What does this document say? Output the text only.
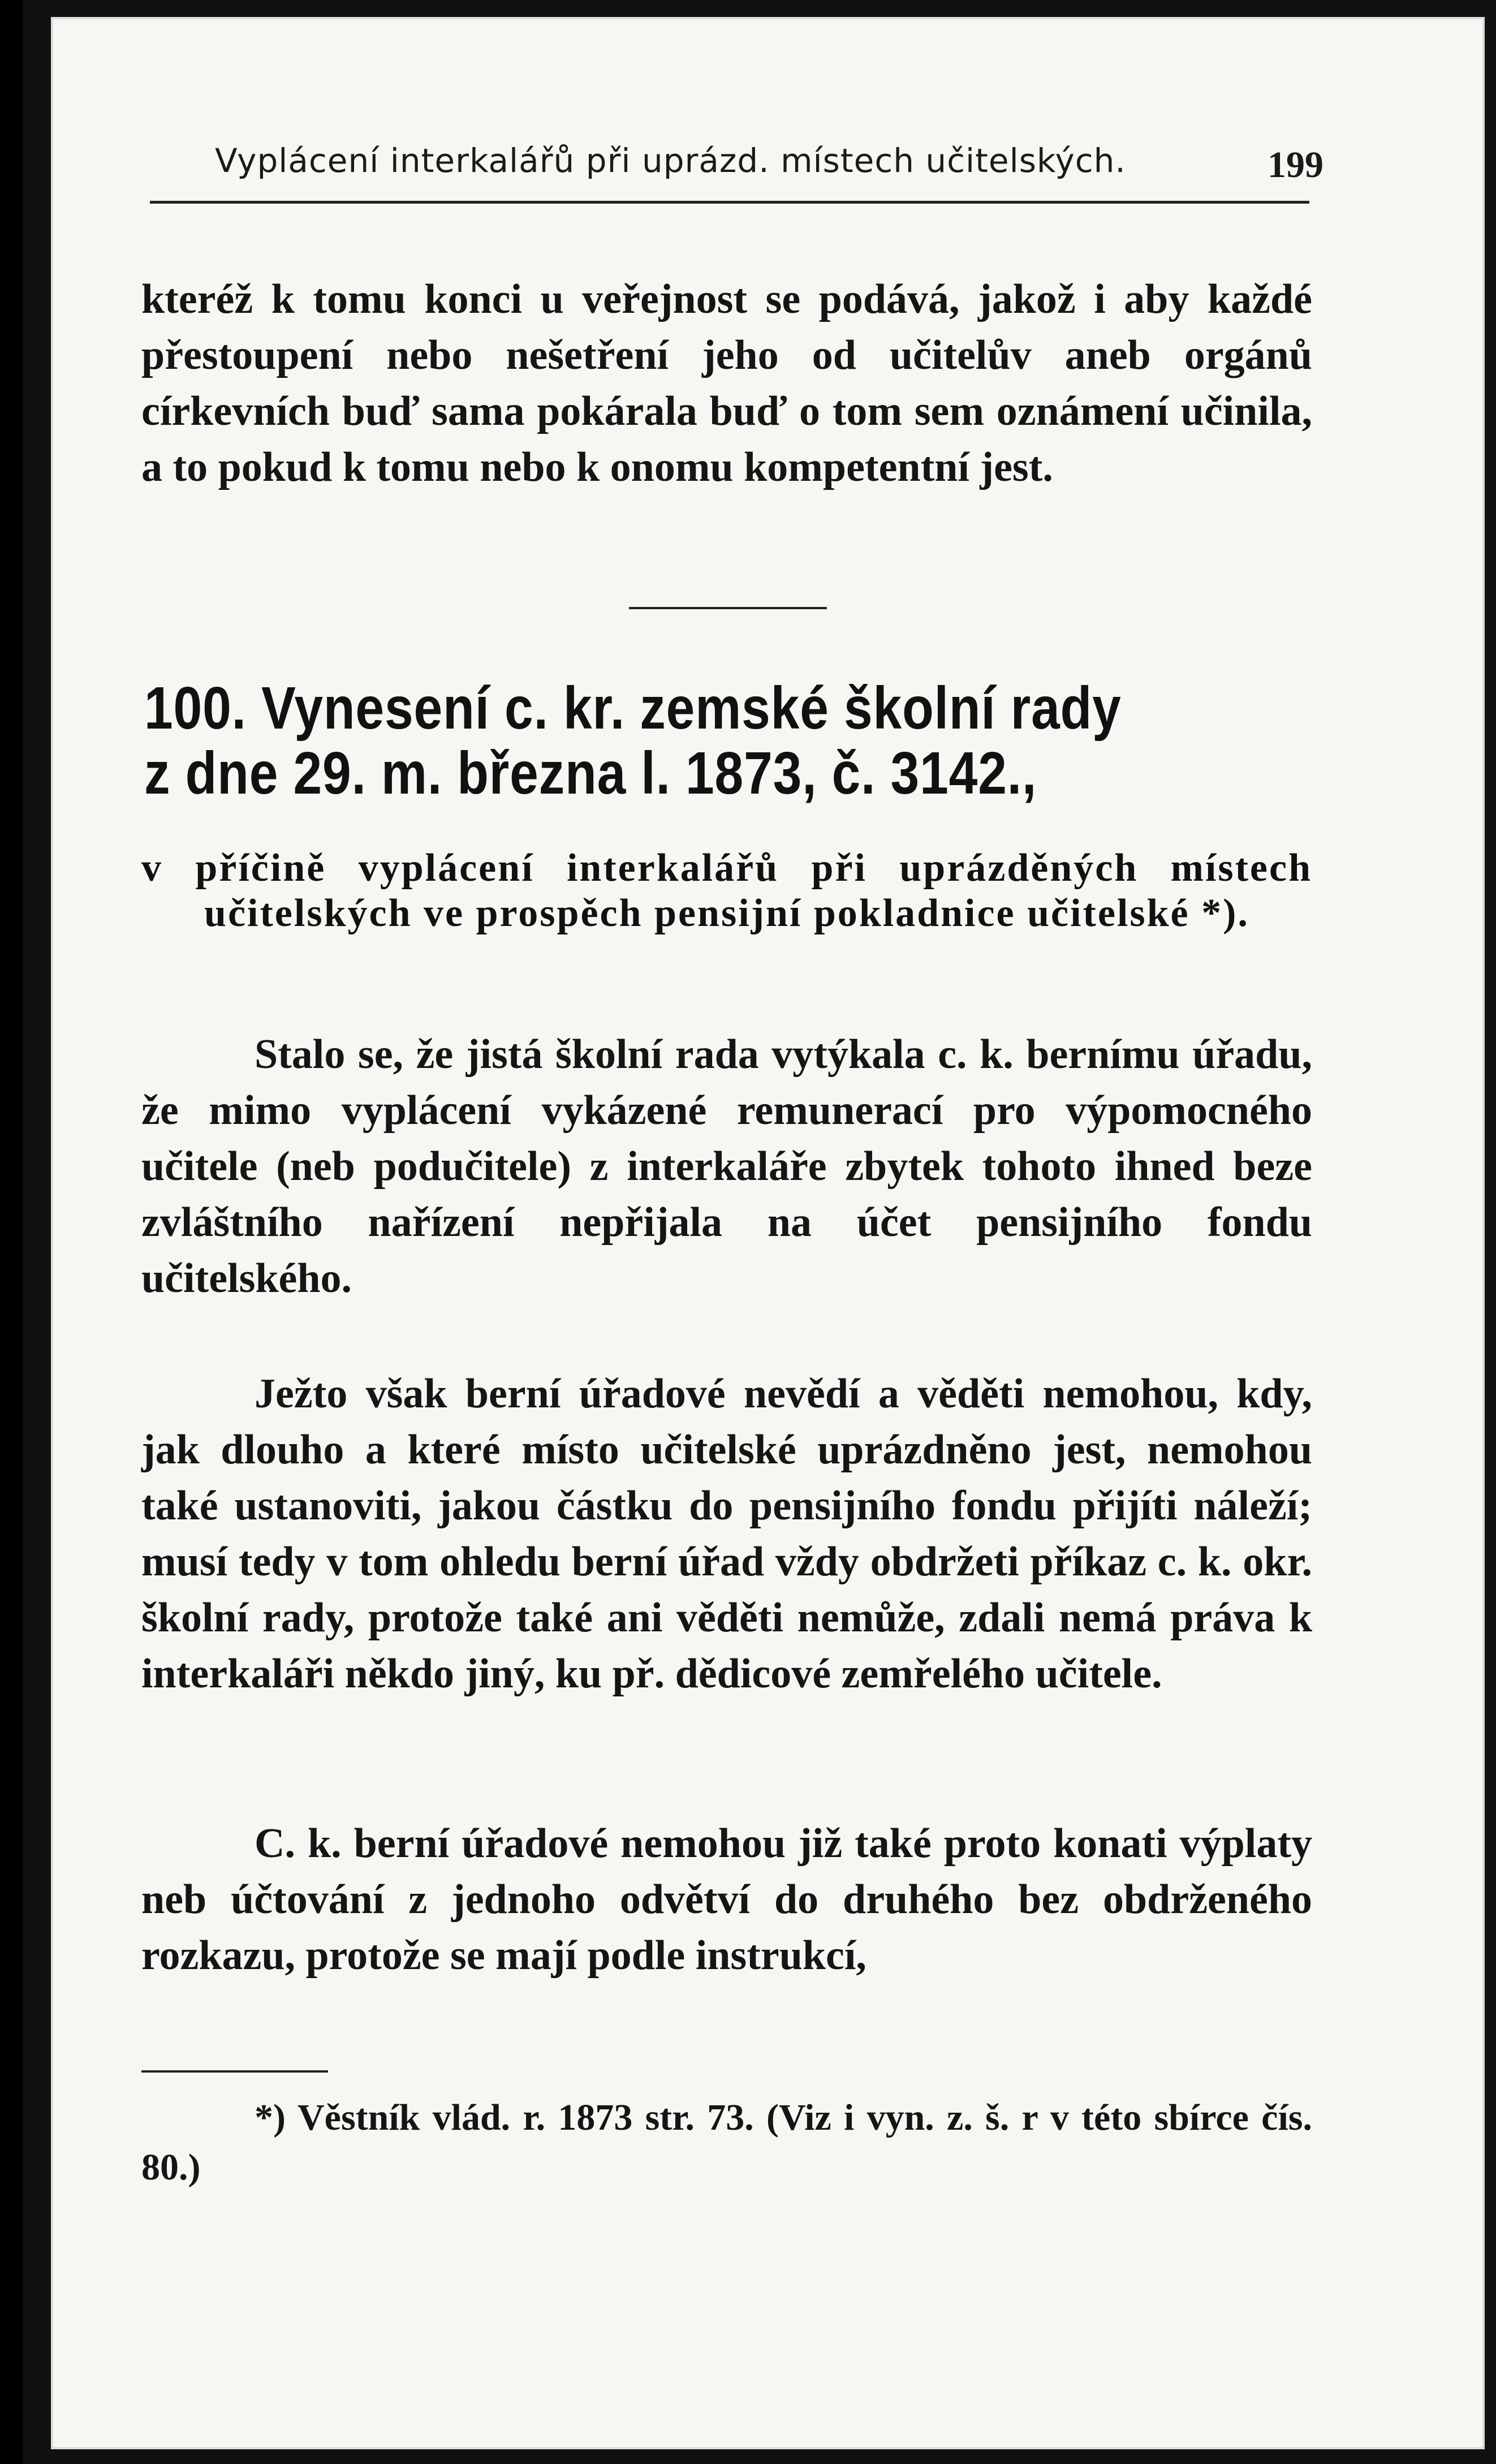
Vyplácení interkalářů při uprázd. místech učitelských.	199
kteréž k tomu konci u veřejnost se podává, jakož i aby každé přestoupení nebo nešetření jeho od učitelův aneb orgánů církevních buď sama pokárala buď o tom sem oznámení učinila, a to pokud k tomu nebo k onomu kompetentní jest.
100. Vynesení c. kr. zemské školní rady
z dne 29. m. března l. 1873, č. 3142.,
v příčině vyplácení interkalářů při uprázděných místech učitelských ve prospěch pensijní pokladnice učitelské *).
Stalo se, že jistá školní rada vytýkala c. k. bernímu úřadu, že mimo vyplácení vykázené remunerací pro výpomocného učitele (neb podučitele) z interkaláře zbytek tohoto ihned beze zvláštního nařízení nepřijala na účet pensijního fondu učitelského.
Ježto však berní úřadové nevědí a věděti nemohou, kdy, jak dlouho a které místo učitelské uprázdněno jest, nemohou také ustanoviti, jakou částku do pensijního fondu přijíti náleží; musí tedy v tom ohledu berní úřad vždy obdržeti příkaz c. k. okr. školní rady, protože také ani věděti nemůže, zdali nemá práva k interkaláři někdo jiný, ku př. dědicové zemřelého učitele.
C. k. berní úřadové nemohou již také proto konati výplaty neb účtování z jednoho odvětví do druhého bez obdrženého rozkazu, protože se mají podle instrukcí,
*) Věstník vlád. r. 1873 str. 73. (Viz i vyn. z. š. r v této sbírce čís. 80.)
